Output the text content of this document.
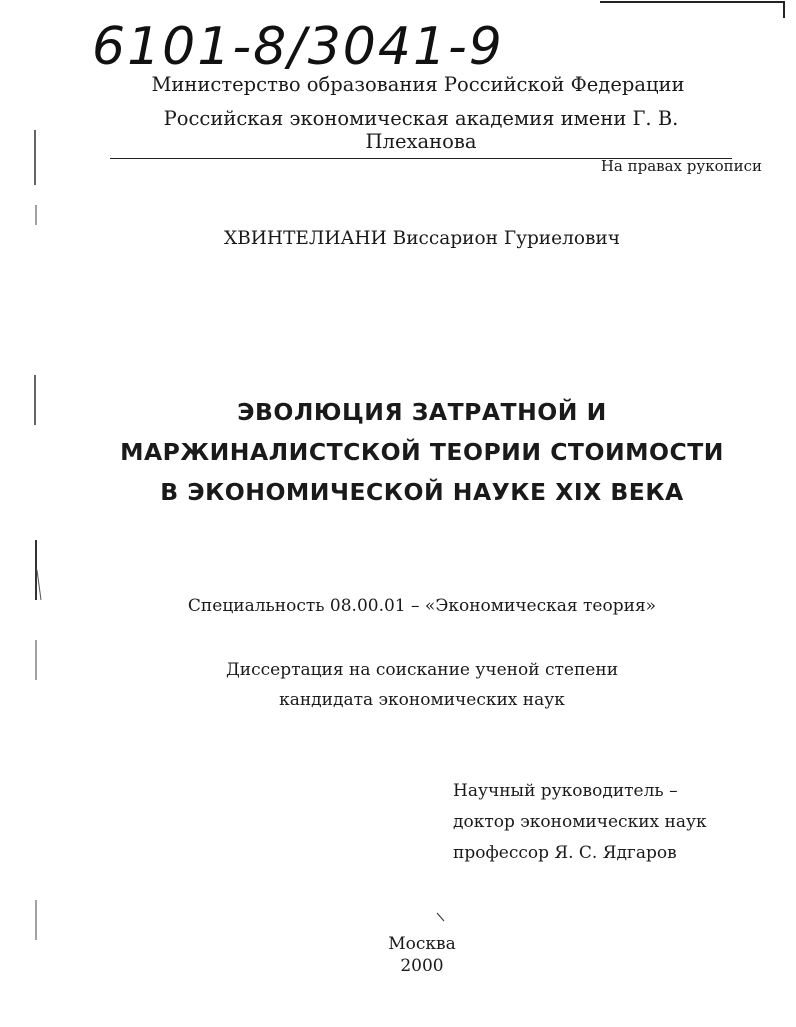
6101-8/3041-9
Министерство образования Российской Федерации
Российская экономическая академия имени Г. В. Плеханова
На правах рукописи
ХВИНТЕЛИАНИ Виссарион Гуриелович
ЭВОЛЮЦИЯ ЗАТРАТНОЙ И
МАРЖИНАЛИСТСКОЙ ТЕОРИИ СТОИМОСТИ
В ЭКОНОМИЧЕСКОЙ НАУКЕ XIX ВЕКА
Специальность 08.00.01 – «Экономическая теория»
Диссертация на соискание ученой степени
кандидата экономических наук
Научный руководитель –
доктор экономических наук
профессор Я. С. Ядгаров
Москва
2000
